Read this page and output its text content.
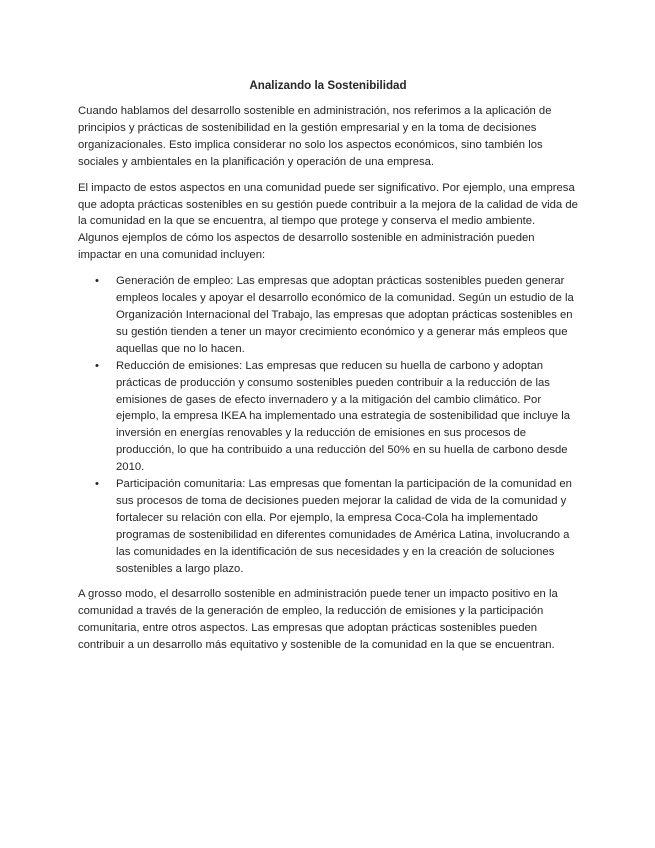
Analizando la Sostenibilidad

Cuando hablamos del desarrollo sostenible en administración, nos referimos a la aplicación de principios y prácticas de sostenibilidad en la gestión empresarial y en la toma de decisiones organizacionales. Esto implica considerar no solo los aspectos económicos, sino también los sociales y ambientales en la planificación y operación de una empresa.

El impacto de estos aspectos en una comunidad puede ser significativo. Por ejemplo, una empresa que adopta prácticas sostenibles en su gestión puede contribuir a la mejora de la calidad de vida de la comunidad en la que se encuentra, al tiempo que protege y conserva el medio ambiente. Algunos ejemplos de cómo los aspectos de desarrollo sostenible en administración pueden impactar en una comunidad incluyen:

• Generación de empleo: Las empresas que adoptan prácticas sostenibles pueden generar empleos locales y apoyar el desarrollo económico de la comunidad. Según un estudio de la Organización Internacional del Trabajo, las empresas que adoptan prácticas sostenibles en su gestión tienden a tener un mayor crecimiento económico y a generar más empleos que aquellas que no lo hacen.
• Reducción de emisiones: Las empresas que reducen su huella de carbono y adoptan prácticas de producción y consumo sostenibles pueden contribuir a la reducción de las emisiones de gases de efecto invernadero y a la mitigación del cambio climático. Por ejemplo, la empresa IKEA ha implementado una estrategia de sostenibilidad que incluye la inversión en energías renovables y la reducción de emisiones en sus procesos de producción, lo que ha contribuido a una reducción del 50% en su huella de carbono desde 2010.
• Participación comunitaria: Las empresas que fomentan la participación de la comunidad en sus procesos de toma de decisiones pueden mejorar la calidad de vida de la comunidad y fortalecer su relación con ella. Por ejemplo, la empresa Coca-Cola ha implementado programas de sostenibilidad en diferentes comunidades de América Latina, involucrando a las comunidades en la identificación de sus necesidades y en la creación de soluciones sostenibles a largo plazo.

A grosso modo, el desarrollo sostenible en administración puede tener un impacto positivo en la comunidad a través de la generación de empleo, la reducción de emisiones y la participación comunitaria, entre otros aspectos. Las empresas que adoptan prácticas sostenibles pueden contribuir a un desarrollo más equitativo y sostenible de la comunidad en la que se encuentran.
